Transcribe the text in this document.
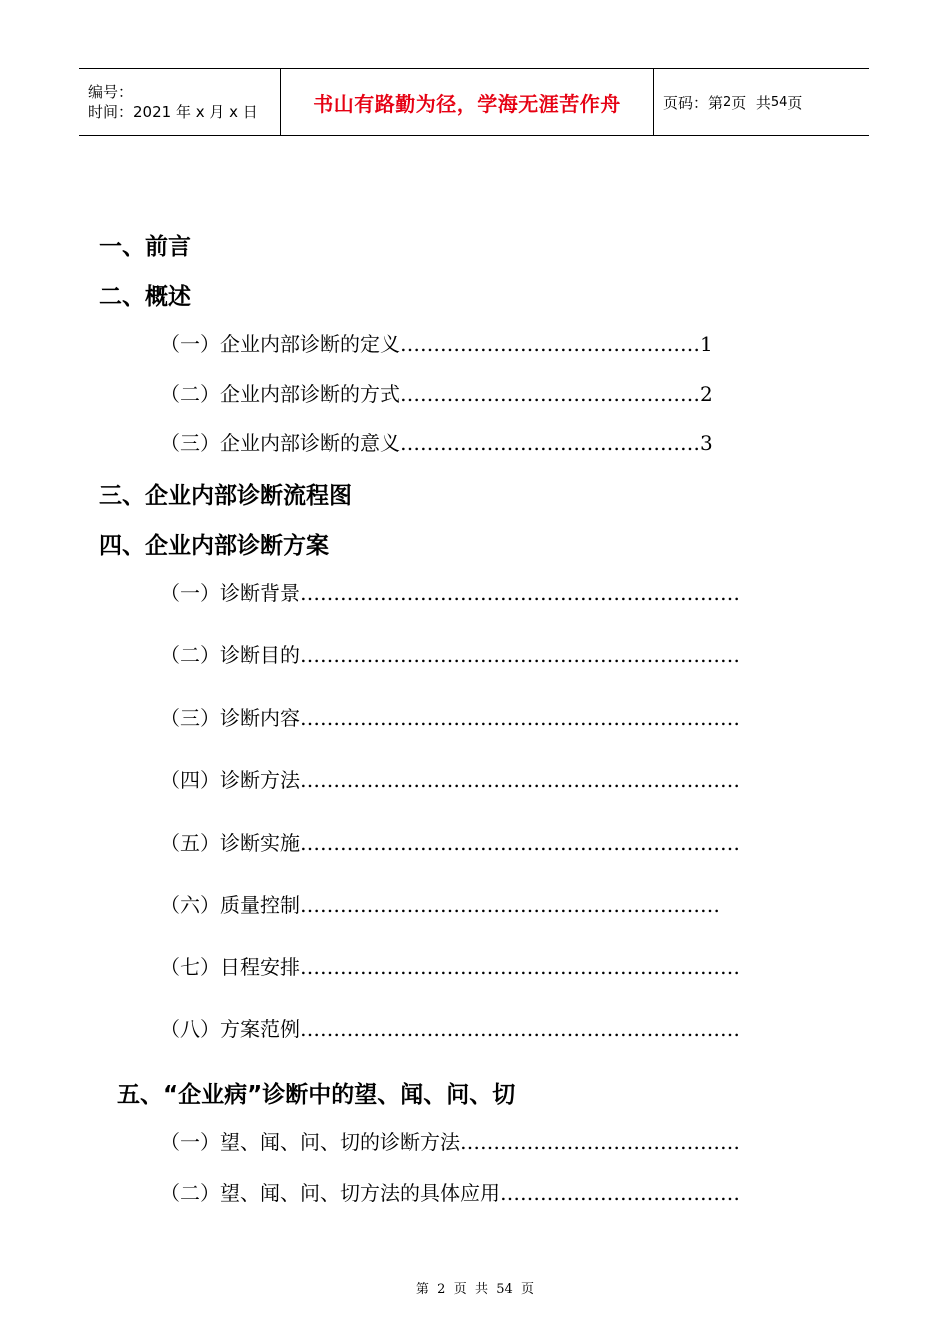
编号：
时间：2021 年 x 月 x 日	书山有路勤为径，学海无涯苦作舟	页码：第 2 页  共 54 页
一、前言
二、概述
（一）企业内部诊断的定义………………………………………1
（二）企业内部诊断的方式………………………………………2
（三）企业内部诊断的意义………………………………………3
三、企业内部诊断流程图
四、企业内部诊断方案
（一）诊断背景…………………………………………………………
（二）诊断目的…………………………………………………………
（三）诊断内容…………………………………………………………
（四）诊断方法…………………………………………………………
（五）诊断实施…………………………………………………………
（六）质量控制………………………………………………………
（七）日程安排…………………………………………………………
（八）方案范例…………………………………………………………
五、“企业病”诊断中的望、闻、问、切
（一）望、闻、问、切的诊断方法……………………………………
（二）望、闻、问、切方法的具体应用………………………………
第  2  页  共  54  页
